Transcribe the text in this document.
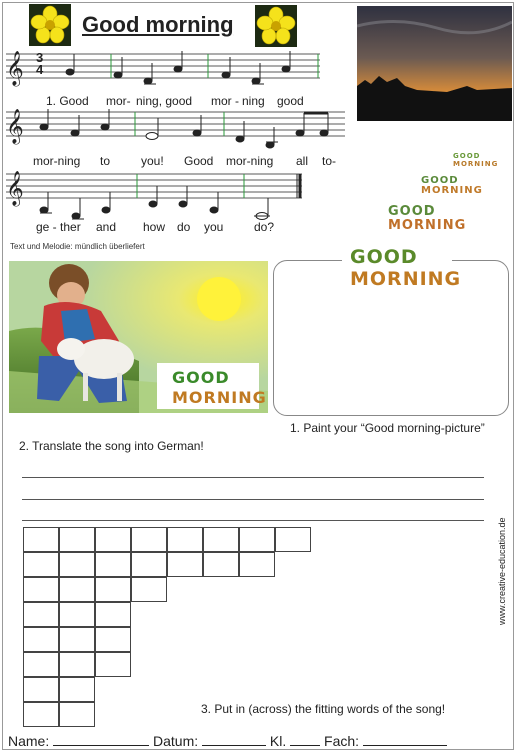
Good morning
𝄞
𝄞
𝄞
3
4
1. Good mor- ning, good mor - ning good
mor-ning to	you! Good mor-ning all to-
ge - ther and how do you	do?
Text und Melodie: mündlich überliefert
GOOD
MORNING
GOOD
MORNING
GOOD
MORNING
GOOD
MORNING
GOOD
MORNING
1. Paint your “Good morning-picture”
2. Translate the song into German!
3. Put in (across) the fitting words of the song!
www.creative-education.de
Name:	Datum:	Kl.	Fach:
